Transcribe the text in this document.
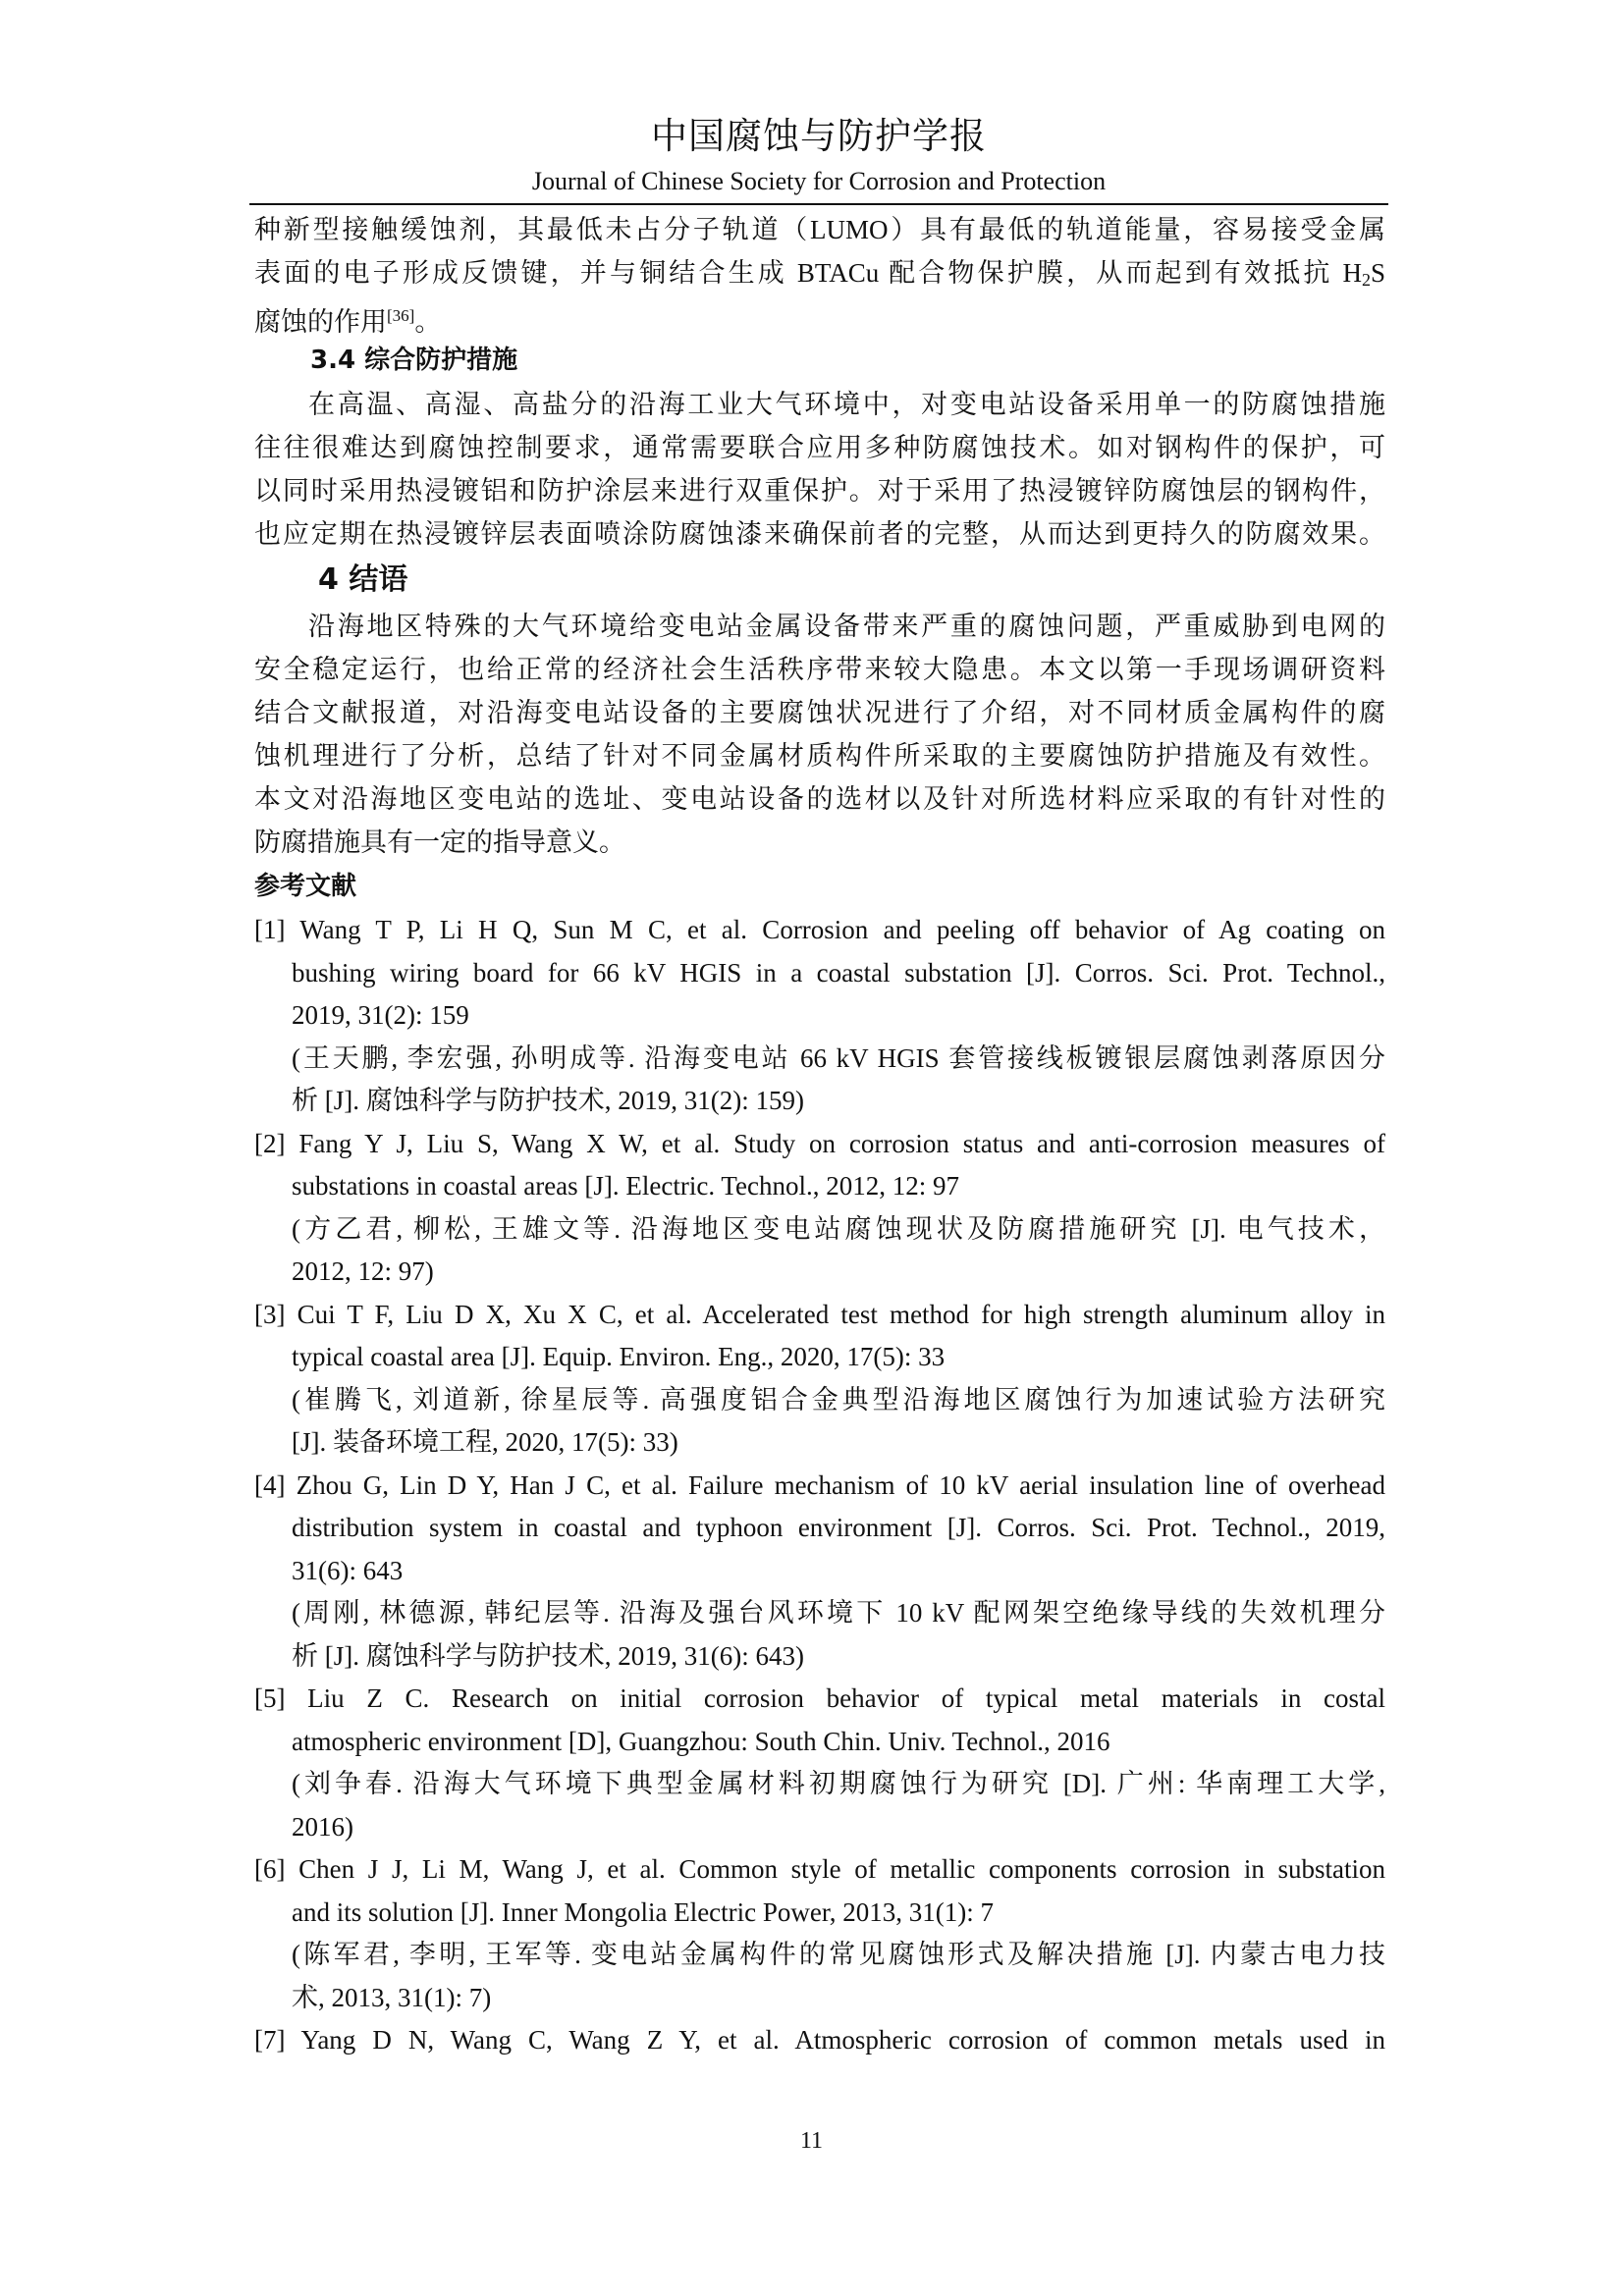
中国腐蚀与防护学报
Journal of Chinese Society for Corrosion and Protection
种新型接触缓蚀剂，其最低未占分子轨道（LUMO）具有最低的轨道能量，容易接受金属
表面的电子形成反馈键，并与铜结合生成 BTACu 配合物保护膜，从而起到有效抵抗 $H_2S$
腐蚀的作用[36]。
3.4 综合防护措施
在高温、高湿、高盐分的沿海工业大气环境中，对变电站设备采用单一的防腐蚀措施
往往很难达到腐蚀控制要求，通常需要联合应用多种防腐蚀技术。如对钢构件的保护，可
以同时采用热浸镀铝和防护涂层来进行双重保护。对于采用了热浸镀锌防腐蚀层的钢构件，
也应定期在热浸镀锌层表面喷涂防腐蚀漆来确保前者的完整，从而达到更持久的防腐效果。
4 结语
沿海地区特殊的大气环境给变电站金属设备带来严重的腐蚀问题，严重威胁到电网的
安全稳定运行，也给正常的经济社会生活秩序带来较大隐患。本文以第一手现场调研资料
结合文献报道，对沿海变电站设备的主要腐蚀状况进行了介绍，对不同材质金属构件的腐
蚀机理进行了分析，总结了针对不同金属材质构件所采取的主要腐蚀防护措施及有效性。
本文对沿海地区变电站的选址、变电站设备的选材以及针对所选材料应采取的有针对性的
防腐措施具有一定的指导意义。
参考文献
[1] Wang T P, Li H Q, Sun M C, et al. Corrosion and peeling off behavior of Ag coating on
bushing wiring board for 66 kV HGIS in a coastal substation [J]. Corros. Sci. Prot. Technol.,
2019, 31(2): 159
(王天鹏, 李宏强, 孙明成等. 沿海变电站 66 kV HGIS 套管接线板镀银层腐蚀剥落原因分
析 [J]. 腐蚀科学与防护技术, 2019, 31(2): 159)
[2] Fang Y J, Liu S, Wang X W, et al. Study on corrosion status and anti-corrosion measures of
substations in coastal areas [J]. Electric. Technol., 2012, 12: 97
(方乙君, 柳松, 王雄文等. 沿海地区变电站腐蚀现状及防腐措施研究 [J]. 电气技术，
2012, 12: 97)
[3] Cui T F, Liu D X, Xu X C, et al. Accelerated test method for high strength aluminum alloy in
typical coastal area [J]. Equip. Environ. Eng., 2020, 17(5): 33
(崔腾飞, 刘道新, 徐星辰等. 高强度铝合金典型沿海地区腐蚀行为加速试验方法研究
[J]. 装备环境工程, 2020, 17(5): 33)
[4] Zhou G, Lin D Y, Han J C, et al. Failure mechanism of 10 kV aerial insulation line of overhead
distribution system in coastal and typhoon environment [J]. Corros. Sci. Prot. Technol., 2019,
31(6): 643
(周刚, 林德源, 韩纪层等. 沿海及强台风环境下 10 kV 配网架空绝缘导线的失效机理分
析 [J]. 腐蚀科学与防护技术, 2019, 31(6): 643)
[5] Liu Z C. Research on initial corrosion behavior of typical metal materials in costal
atmospheric environment [D], Guangzhou: South Chin. Univ. Technol., 2016
(刘争春. 沿海大气环境下典型金属材料初期腐蚀行为研究 [D]. 广州: 华南理工大学,
2016)
[6] Chen J J, Li M, Wang J, et al. Common style of metallic components corrosion in substation
and its solution [J]. Inner Mongolia Electric Power, 2013, 31(1): 7
(陈军君, 李明, 王军等. 变电站金属构件的常见腐蚀形式及解决措施 [J]. 内蒙古电力技
术, 2013, 31(1): 7)
[7] Yang D N, Wang C, Wang Z Y, et al. Atmospheric corrosion of common metals used in
11
